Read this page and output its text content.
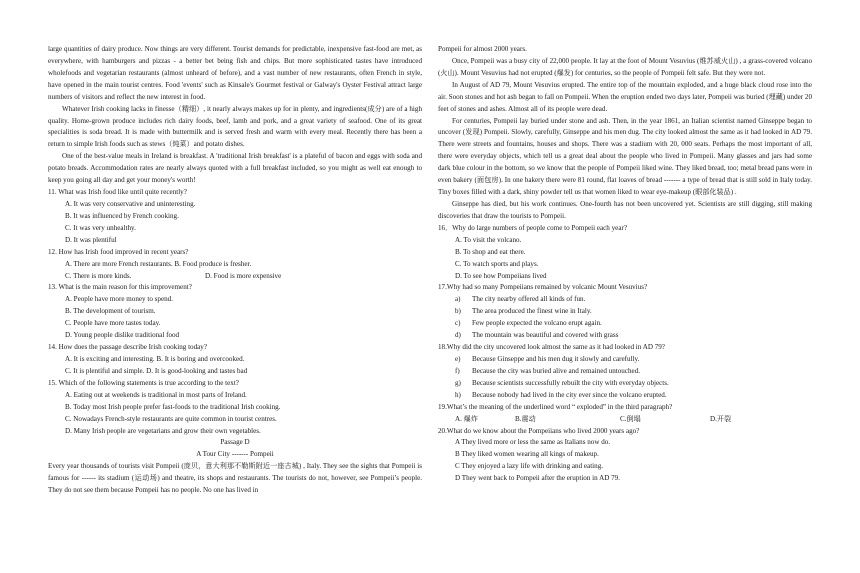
large quantities of dairy produce. Now things are very different. Tourist demands for predictable, inexpensive fast-food are met, as everywhere, with hamburgers and pizzas - a better bet being fish and chips. But more sophisticated tastes have introduced wholefoods and vegetarian restaurants (almost unheard of before), and a vast number of new restaurants, often French in style, have opened in the main tourist centres. Food 'events' such as Kinsale's Gourmet festival or Galway's Oyster Festival attract large numbers of visitors and reflect the new interest in food.

Whatever Irish cooking lacks in finesse（精细）, it nearly always makes up for in plenty, and ingredients(成分) are of a high quality. Home-grown produce includes rich dairy foods, beef, lamb and pork, and a great variety of seafood. One of its great specialities is soda bread. It is made with buttermilk and is served fresh and warm with every meal. Recently there has been a return to simple Irish foods such as stews（炖菜）and potato dishes.

One of the best-value meals in Ireland is breakfast. A 'traditional Irish breakfast' is a plateful of bacon and eggs with soda and potato breads. Accommodation rates are nearly always quoted with a full breakfast included, so you might as well eat enough to keep you going all day and get your money's worth!

11. What was Irish food like until quite recently?

A. It was very conservative and uninteresting.

B. It was influenced by French cooking.

C. It was very unhealthy.

D. It was plentiful

12. How has Irish food improved in recent years?

A. There are more French restaurants. B. Food produce is fresher.

C. There is more kinds.	D. Food is more expensive

13. What is the main reason for this improvement?

A. People have more money to spend.

B. The development of tourism.

C. People have more tastes today.

D. Young people dislike traditional food

14. How does the passage describe Irish cooking today?

A. It is exciting and interesting. B. It is boring and overcooked.

C. It is plentiful and simple. D. It is good-looking and tastes bad

15. Which of the following statements is true according to the text?

A. Eating out at weekends is traditional in most parts of Ireland.

B. Today most Irish people prefer fast-foods to the traditional Irish cooking.

C. Nowadays French-style restaurants are quite common in tourist centres.

D. Many Irish people are vegetarians and grow their own vegetables.

Passage D

A Tour City ------- Pompeii

Every year thousands of tourists visit Pompeii (庞贝，意大利那不勒斯附近一座古城) , Italy. They see the sights that Pompeii is famous for ------ its stadium (运动场) and theatre, its shops and restaurants. The tourists do not, however, see Pompeii’s people. They do not see them because Pompeii has no people. No one has lived in

Pompeii for almost 2000 years.

Once, Pompeii was a busy city of 22,000 people. It lay at the foot of Mount Vesuvius (维苏威火山) , a grass-covered volcano (火山). Mount Vesuvius had not erupted (爆发) for centuries, so the people of Pompeii felt safe. But they were not.

In August of AD 79, Mount Vesuvius erupted. The entire top of the mountain exploded, and a huge black cloud rose into the air. Soon stones and hot ash began to fall on Pompeii. When the eruption ended two days later, Pompeii was buried (埋藏) under 20 feet of stones and ashes. Almost all of its people were dead.

For centuries, Pompeii lay buried under stone and ash. Then, in the year 1861, an Italian scientist named Ginseppe began to uncover (发现) Pompeii. Slowly, carefully, Ginseppe and his men dug. The city looked almost the same as it had looked in AD 79. There were streets and fountains, houses and shops. There was a stadium with 20, 000 seats. Perhaps the most important of all, there were everyday objects, which tell us a great deal about the people who lived in Pompeii. Many glasses and jars had some dark blue colour in the bottom, so we know that the people of Pompeii liked wine. They liked bread, too; metal bread pans were in even bakery (面包房). In one bakery there were 81 round, flat loaves of bread ------- a type of bread that is still sold in Italy today. Tiny boxes filled with a dark, shiny powder tell us that women liked to wear eye-makeup (眼部化装品) .

Ginseppe has died, but his work continues. One-fourth has not been uncovered yet. Scientists are still digging, still making discoveries that draw the tourists to Pompeii.

16．Why do large numbers of people come to Pompeii each year?

A. To visit the volcano.

B. To shop and eat there.

C. To watch sports and plays.

D. To see how Pompeiians lived

17.Why had so many Pompeiians remained by volcanic Mount Vesuvius?

a) The city nearby offered all kinds of fun.

b) The area produced the finest wine in Italy.

c) Few people expected the volcano erupt again.

d) The mountain was beautiful and covered with grass

18.Why did the city uncovered look almost the same as it had looked in AD 79?

e) Because Ginseppe and his men dug it slowly and carefully.

f) Because the city was buried alive and remained untouched.

g) Because scientists successfully rebuilt the city with everyday objects.

h) Because nobody had lived in the city ever since the volcano erupted.

19.What’s the meaning of the underlined word “ exploded” in the third paragraph?

A. 爆炸	B.震动	C.倒塌	D.开裂

20.What do we know about the Pompeiians who lived 2000 years ago?

A They lived more or less the same as Italians now do.

B They liked women wearing all kings of makeup.

C They enjoyed a lazy life with drinking and eating.

D They went back to Pompeii after the eruption in AD 79.
